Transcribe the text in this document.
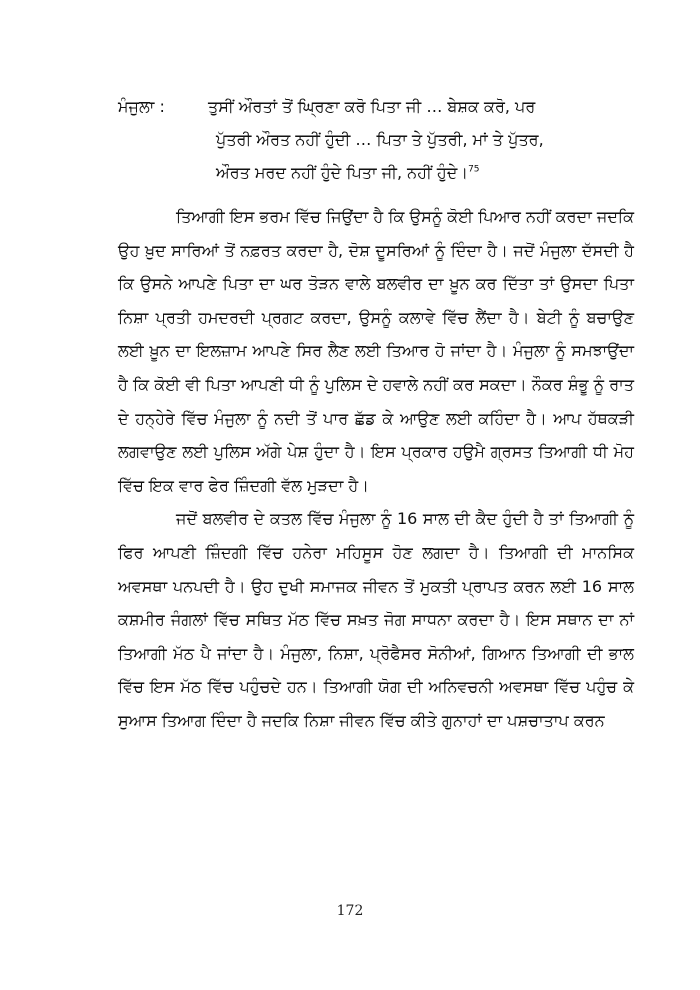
ਮੰਜੁਲਾ :	ਤੁਸੀਂ ਔਰਤਾਂ ਤੋਂ ਘ੍ਰਿਣਾ ਕਰੋ ਪਿਤਾ ਜੀ … ਬੇਸ਼ਕ ਕਰੋ, ਪਰ
ਪੁੱਤਰੀ ਔਰਤ ਨਹੀਂ ਹੁੰਦੀ … ਪਿਤਾ ਤੇ ਪੁੱਤਰੀ, ਮਾਂ ਤੇ ਪੁੱਤਰ,
ਔਰਤ ਮਰਦ ਨਹੀਂ ਹੁੰਦੇ ਪਿਤਾ ਜੀ, ਨਹੀਂ ਹੁੰਦੇ।$^{75}$

ਤਿਆਗੀ ਇਸ ਭਰਮ ਵਿੱਚ ਜਿਉਂਦਾ ਹੈ ਕਿ ਉਸਨੂੰ ਕੋਈ ਪਿਆਰ ਨਹੀਂ ਕਰਦਾ ਜਦਕਿ ਉਹ ਖ਼ੁਦ ਸਾਰਿਆਂ ਤੋਂ ਨਫ਼ਰਤ ਕਰਦਾ ਹੈ, ਦੋਸ਼ ਦੂਸਰਿਆਂ ਨੂੰ ਦਿੰਦਾ ਹੈ। ਜਦੋਂ ਮੰਜੁਲਾ ਦੱਸਦੀ ਹੈ ਕਿ ਉਸਨੇ ਆਪਣੇ ਪਿਤਾ ਦਾ ਘਰ ਤੋੜਨ ਵਾਲੇ ਬਲਵੀਰ ਦਾ ਖ਼ੂਨ ਕਰ ਦਿੱਤਾ ਤਾਂ ਉਸਦਾ ਪਿਤਾ ਨਿਸ਼ਾ ਪ੍ਰਤੀ ਹਮਦਰਦੀ ਪ੍ਰਗਟ ਕਰਦਾ, ਉਸਨੂੰ ਕਲਾਵੇ ਵਿੱਚ ਲੈਂਦਾ ਹੈ। ਬੇਟੀ ਨੂੰ ਬਚਾਉਣ ਲਈ ਖ਼ੂਨ ਦਾ ਇਲਜ਼ਾਮ ਆਪਣੇ ਸਿਰ ਲੈਣ ਲਈ ਤਿਆਰ ਹੋ ਜਾਂਦਾ ਹੈ। ਮੰਜੁਲਾ ਨੂੰ ਸਮਝਾਉਂਦਾ ਹੈ ਕਿ ਕੋਈ ਵੀ ਪਿਤਾ ਆਪਣੀ ਧੀ ਨੂੰ ਪੁਲਿਸ ਦੇ ਹਵਾਲੇ ਨਹੀਂ ਕਰ ਸਕਦਾ। ਨੌਕਰ ਸ਼ੰਭੂ ਨੂੰ ਰਾਤ ਦੇ ਹਨ੍ਹੇਰੇ ਵਿੱਚ ਮੰਜੁਲਾ ਨੂੰ ਨਦੀ ਤੋਂ ਪਾਰ ਛੱਡ ਕੇ ਆਉਣ ਲਈ ਕਹਿੰਦਾ ਹੈ। ਆਪ ਹੱਥਕੜੀ ਲਗਵਾਉਣ ਲਈ ਪੁਲਿਸ ਅੱਗੇ ਪੇਸ਼ ਹੁੰਦਾ ਹੈ। ਇਸ ਪ੍ਰਕਾਰ ਹਉਮੈ ਗ੍ਰਸਤ ਤਿਆਗੀ ਧੀ ਮੋਹ ਵਿੱਚ ਇਕ ਵਾਰ ਫੇਰ ਜ਼ਿੰਦਗੀ ਵੱਲ ਮੁੜਦਾ ਹੈ।

ਜਦੋਂ ਬਲਵੀਰ ਦੇ ਕਤਲ ਵਿੱਚ ਮੰਜੁਲਾ ਨੂੰ 16 ਸਾਲ ਦੀ ਕੈਦ ਹੁੰਦੀ ਹੈ ਤਾਂ ਤਿਆਗੀ ਨੂੰ ਫਿਰ ਆਪਣੀ ਜ਼ਿੰਦਗੀ ਵਿੱਚ ਹਨੇਰਾ ਮਹਿਸੂਸ ਹੋਣ ਲਗਦਾ ਹੈ। ਤਿਆਗੀ ਦੀ ਮਾਨਸਿਕ ਅਵਸਥਾ ਪਨਪਦੀ ਹੈ। ਉਹ ਦੁਖੀ ਸਮਾਜਕ ਜੀਵਨ ਤੋਂ ਮੁਕਤੀ ਪ੍ਰਾਪਤ ਕਰਨ ਲਈ 16 ਸਾਲ ਕਸ਼ਮੀਰ ਜੰਗਲਾਂ ਵਿੱਚ ਸਥਿਤ ਮੱਠ ਵਿੱਚ ਸਖ਼ਤ ਜੋਗ ਸਾਧਨਾ ਕਰਦਾ ਹੈ। ਇਸ ਸਥਾਨ ਦਾ ਨਾਂ ਤਿਆਗੀ ਮੱਠ ਪੈ ਜਾਂਦਾ ਹੈ। ਮੰਜੁਲਾ, ਨਿਸ਼ਾ, ਪ੍ਰੋਫੈਸਰ ਸੋਨੀਆਂ, ਗਿਆਨ ਤਿਆਗੀ ਦੀ ਭਾਲ ਵਿੱਚ ਇਸ ਮੱਠ ਵਿੱਚ ਪਹੁੰਚਦੇ ਹਨ। ਤਿਆਗੀ ਯੋਗ ਦੀ ਅਨਿਵਚਨੀ ਅਵਸਥਾ ਵਿੱਚ ਪਹੁੰਚ ਕੇ ਸੁਆਸ ਤਿਆਗ ਦਿੰਦਾ ਹੈ ਜਦਕਿ ਨਿਸ਼ਾ ਜੀਵਨ ਵਿੱਚ ਕੀਤੇ ਗੁਨਾਹਾਂ ਦਾ ਪਸ਼ਚਾਤਾਪ ਕਰਨ

172
